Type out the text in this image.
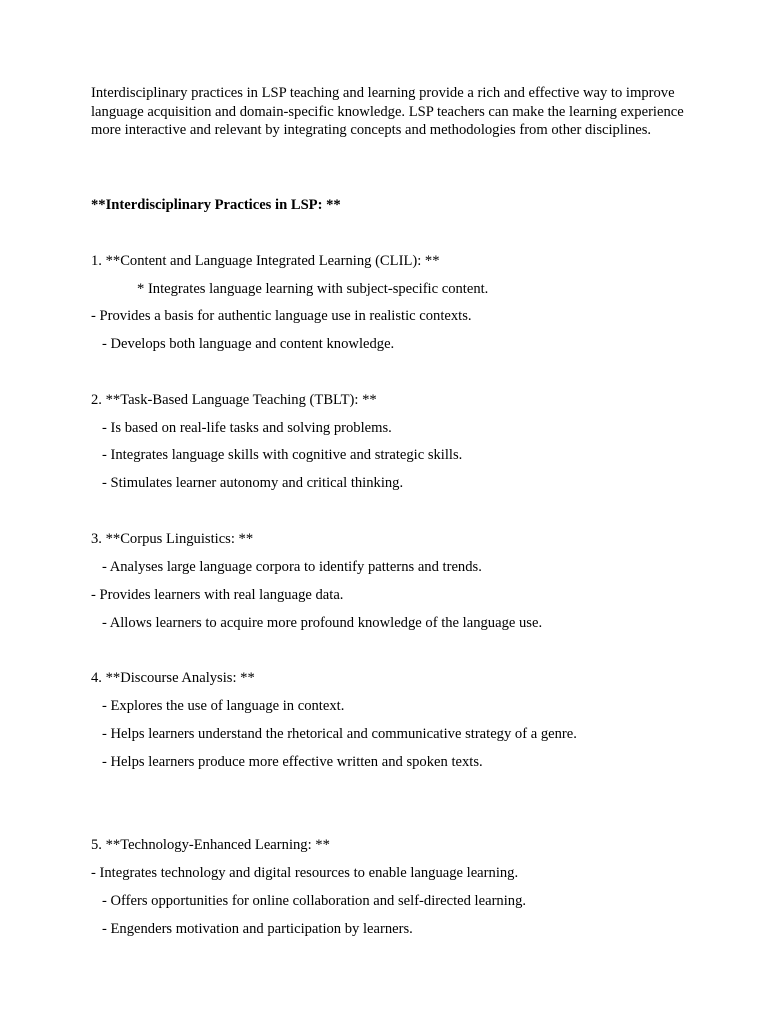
Interdisciplinary practices in LSP teaching and learning provide a rich and effective way to improve language acquisition and domain-specific knowledge. LSP teachers can make the learning experience more interactive and relevant by integrating concepts and methodologies from other disciplines.

**Interdisciplinary Practices in LSP: **

1. **Content and Language Integrated Learning (CLIL): **

* Integrates language learning with subject-specific content.

- Provides a basis for authentic language use in realistic contexts.

- Develops both language and content knowledge.

2. **Task-Based Language Teaching (TBLT): **

- Is based on real-life tasks and solving problems.

- Integrates language skills with cognitive and strategic skills.

- Stimulates learner autonomy and critical thinking.

3. **Corpus Linguistics: **

- Analyses large language corpora to identify patterns and trends.

- Provides learners with real language data.

- Allows learners to acquire more profound knowledge of the language use.

4. **Discourse Analysis: **

- Explores the use of language in context.

- Helps learners understand the rhetorical and communicative strategy of a genre.

- Helps learners produce more effective written and spoken texts.

5. **Technology-Enhanced Learning: **

- Integrates technology and digital resources to enable language learning.

- Offers opportunities for online collaboration and self-directed learning.

- Engenders motivation and participation by learners.
